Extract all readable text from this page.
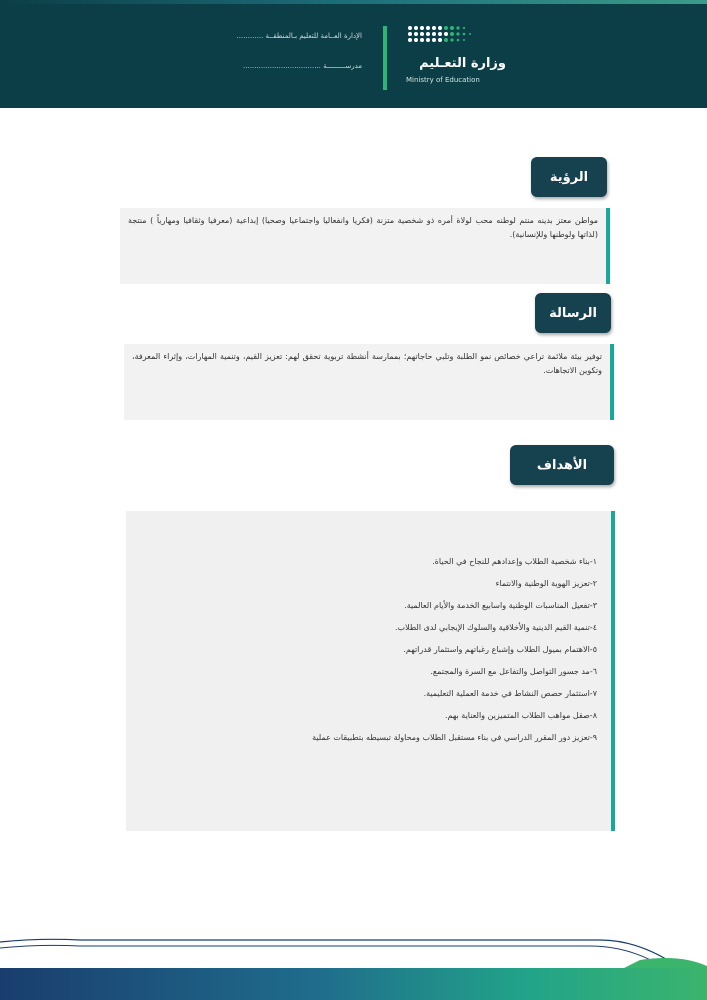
وزارة التعـليم
Ministry of Education
الإدارة العــامة للتعليم بـالمنطقــة ............
مدرســـــــــة ...................................
الرؤية
مواطن معتز بدينه منتم لوطنه محب لولاة أمره ذو شخصية متزنة (فكريا وانفعاليا واجتماعيا وصحيا) إبداعية (معرفيا وثقافيا ومهارياً ) منتجة (لذاتها ولوطنها وللإنسانية).
الرسالة
توفير بيئة ملائمة تراعي خصائص نمو الطلبة وتلبي حاجاتهم؛ بممارسة أنشطة تربوية تحقق لهم: تعزيز القيم، وتنمية المهارات، وإثراء المعرفة، وتكوين الاتجاهات.
الأهداف
١-بناء شخصية الطلاب وإعدادهم للنجاح في الحياة.
٢-تعزيز الهوية الوطنية والانتماء
٣-تفعيل المناسبات الوطنية واسابيع الخدمة والأيام العالمية.
٤-تنمية القيم الدينية والأخلاقية والسلوك الإيجابي لدى الطلاب.
٥-الاهتمام بميول الطلاب وإشباع رغباتهم واستثمار قدراتهم.
٦-مد جسور التواصل والتفاعل مع السرة والمجتمع.
٧-استثمار حصص النشاط في خدمة العملية التعليمية.
٨-صقل مواهب الطلاب المتميزين والعناية بهم.
٩-تعزيز دور المقرر الدراسي في بناء مستقبل الطلاب ومحاولة تبسيطه بتطبيقات عملية
